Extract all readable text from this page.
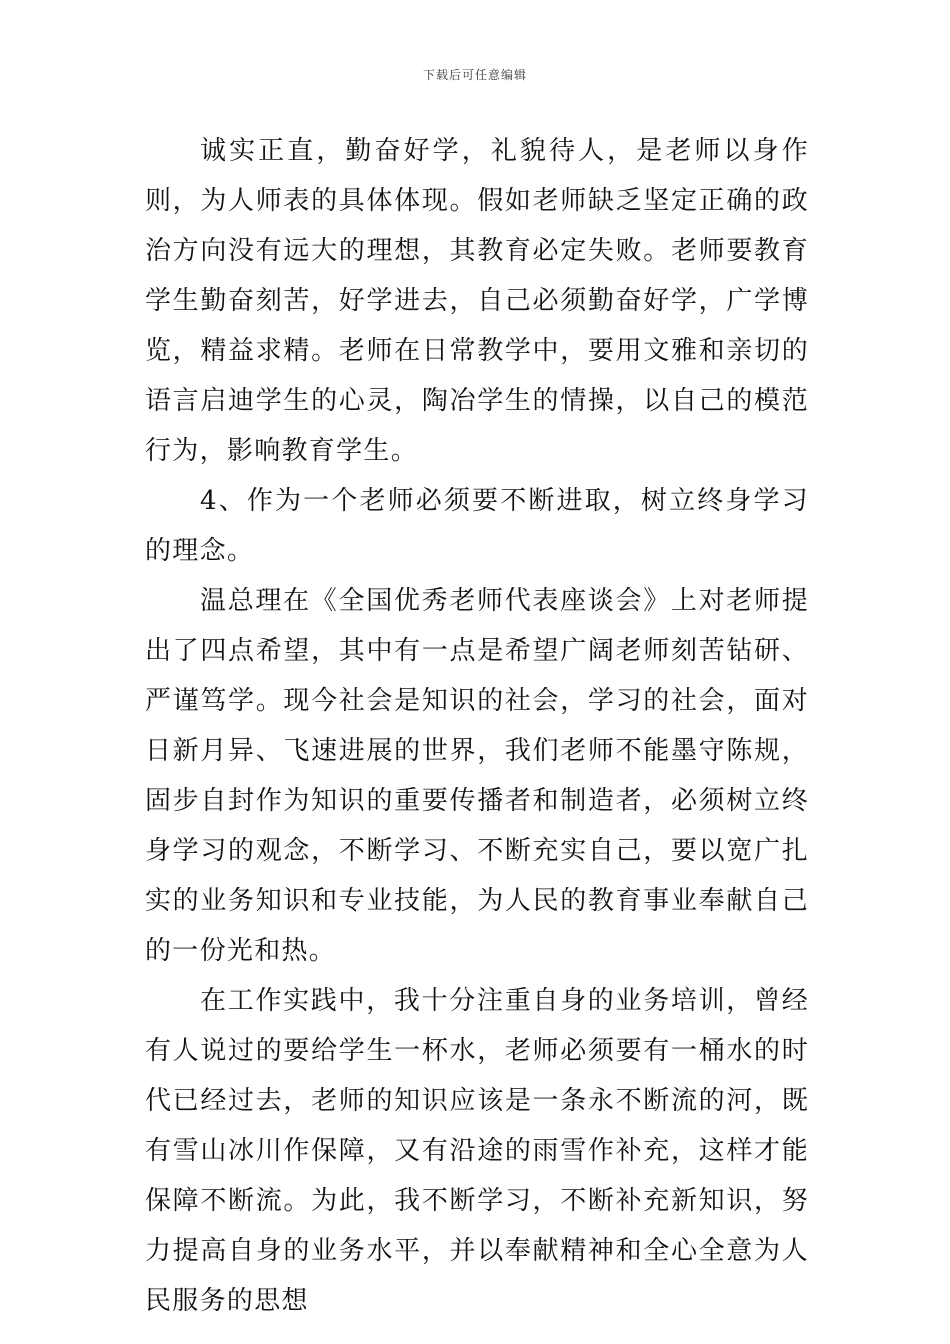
下载后可任意编辑

诚实正直，勤奋好学，礼貌待人，是老师以身作则，为人师表的具体体现。假如老师缺乏坚定正确的政治方向没有远大的理想，其教育必定失败。老师要教育学生勤奋刻苦，好学进去，自己必须勤奋好学，广学博览，精益求精。老师在日常教学中，要用文雅和亲切的语言启迪学生的心灵，陶冶学生的情操，以自己的模范行为，影响教育学生。

4、作为一个老师必须要不断进取，树立终身学习的理念。

温总理在《全国优秀老师代表座谈会》上对老师提出了四点希望，其中有一点是希望广阔老师刻苦钻研、严谨笃学。现今社会是知识的社会，学习的社会，面对日新月异、飞速进展的世界，我们老师不能墨守陈规，固步自封作为知识的重要传播者和制造者，必须树立终身学习的观念，不断学习、不断充实自己，要以宽广扎实的业务知识和专业技能，为人民的教育事业奉献自己的一份光和热。

在工作实践中，我十分注重自身的业务培训，曾经有人说过的要给学生一杯水，老师必须要有一桶水的时代已经过去，老师的知识应该是一条永不断流的河，既有雪山冰川作保障，又有沿途的雨雪作补充，这样才能保障不断流。为此，我不断学习，不断补充新知识，努力提高自身的业务水平，并以奉献精神和全心全意为人民服务的思想
